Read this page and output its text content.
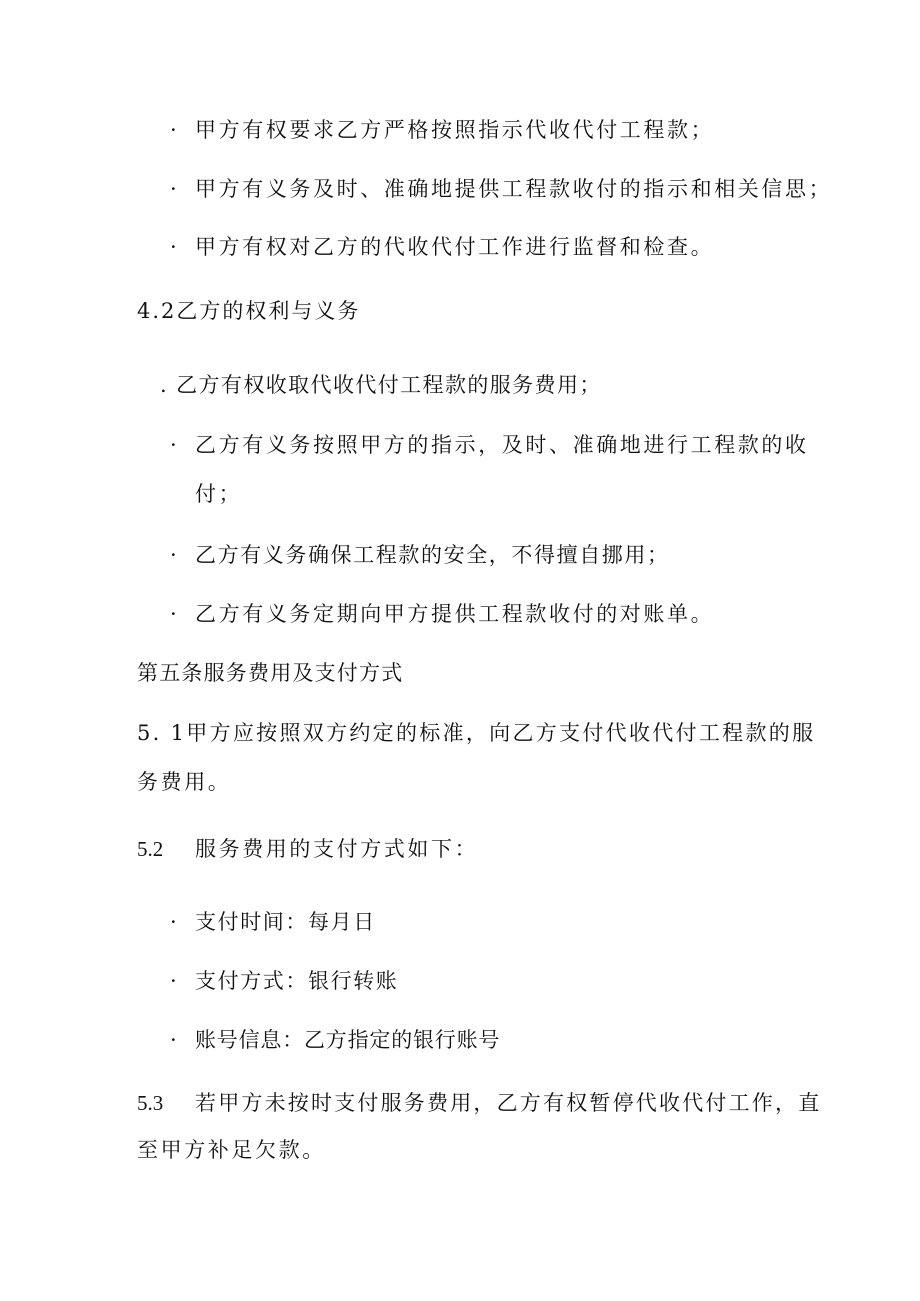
· 甲方有权要求乙方严格按照指示代收代付工程款；
· 甲方有义务及时、准确地提供工程款收付的指示和相关信思；
· 甲方有权对乙方的代收代付工作进行监督和检查。
4.2乙方的权利与义务
. 乙方有权收取代收代付工程款的服务费用；
· 乙方有义务按照甲方的指示，及时、准确地进行工程款的收
付；
· 乙方有义务确保工程款的安全，不得擅自挪用；
· 乙方有义务定期向甲方提供工程款收付的对账单。
第五条服务费用及支付方式
5. 1甲方应按照双方约定的标准，向乙方支付代收代付工程款的服
务费用。
5.2 服务费用的支付方式如下：
· 支付时间：每月日
· 支付方式：银行转账
· 账号信息：乙方指定的银行账号
5.3 若甲方未按时支付服务费用，乙方有权暂停代收代付工作，直
至甲方补足欠款。
